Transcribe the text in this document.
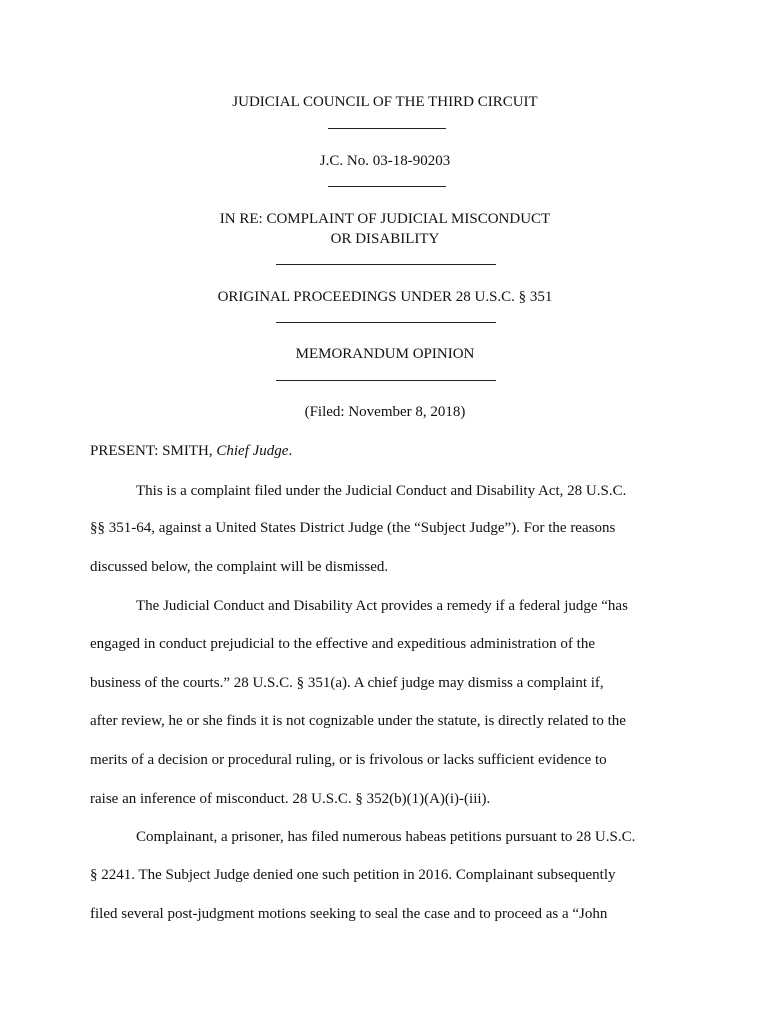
JUDICIAL COUNCIL OF THE THIRD CIRCUIT
J.C. No. 03-18-90203
IN RE: COMPLAINT OF JUDICIAL MISCONDUCT
OR DISABILITY
ORIGINAL PROCEEDINGS UNDER 28 U.S.C. § 351
MEMORANDUM OPINION
(Filed: November 8, 2018)
PRESENT: SMITH, Chief Judge.
This is a complaint filed under the Judicial Conduct and Disability Act, 28 U.S.C.
§§ 351-64, against a United States District Judge (the “Subject Judge”). For the reasons
discussed below, the complaint will be dismissed.
The Judicial Conduct and Disability Act provides a remedy if a federal judge “has
engaged in conduct prejudicial to the effective and expeditious administration of the
business of the courts.” 28 U.S.C. § 351(a). A chief judge may dismiss a complaint if,
after review, he or she finds it is not cognizable under the statute, is directly related to the
merits of a decision or procedural ruling, or is frivolous or lacks sufficient evidence to
raise an inference of misconduct. 28 U.S.C. § 352(b)(1)(A)(i)-(iii).
Complainant, a prisoner, has filed numerous habeas petitions pursuant to 28 U.S.C.
§ 2241. The Subject Judge denied one such petition in 2016. Complainant subsequently
filed several post-judgment motions seeking to seal the case and to proceed as a “John
